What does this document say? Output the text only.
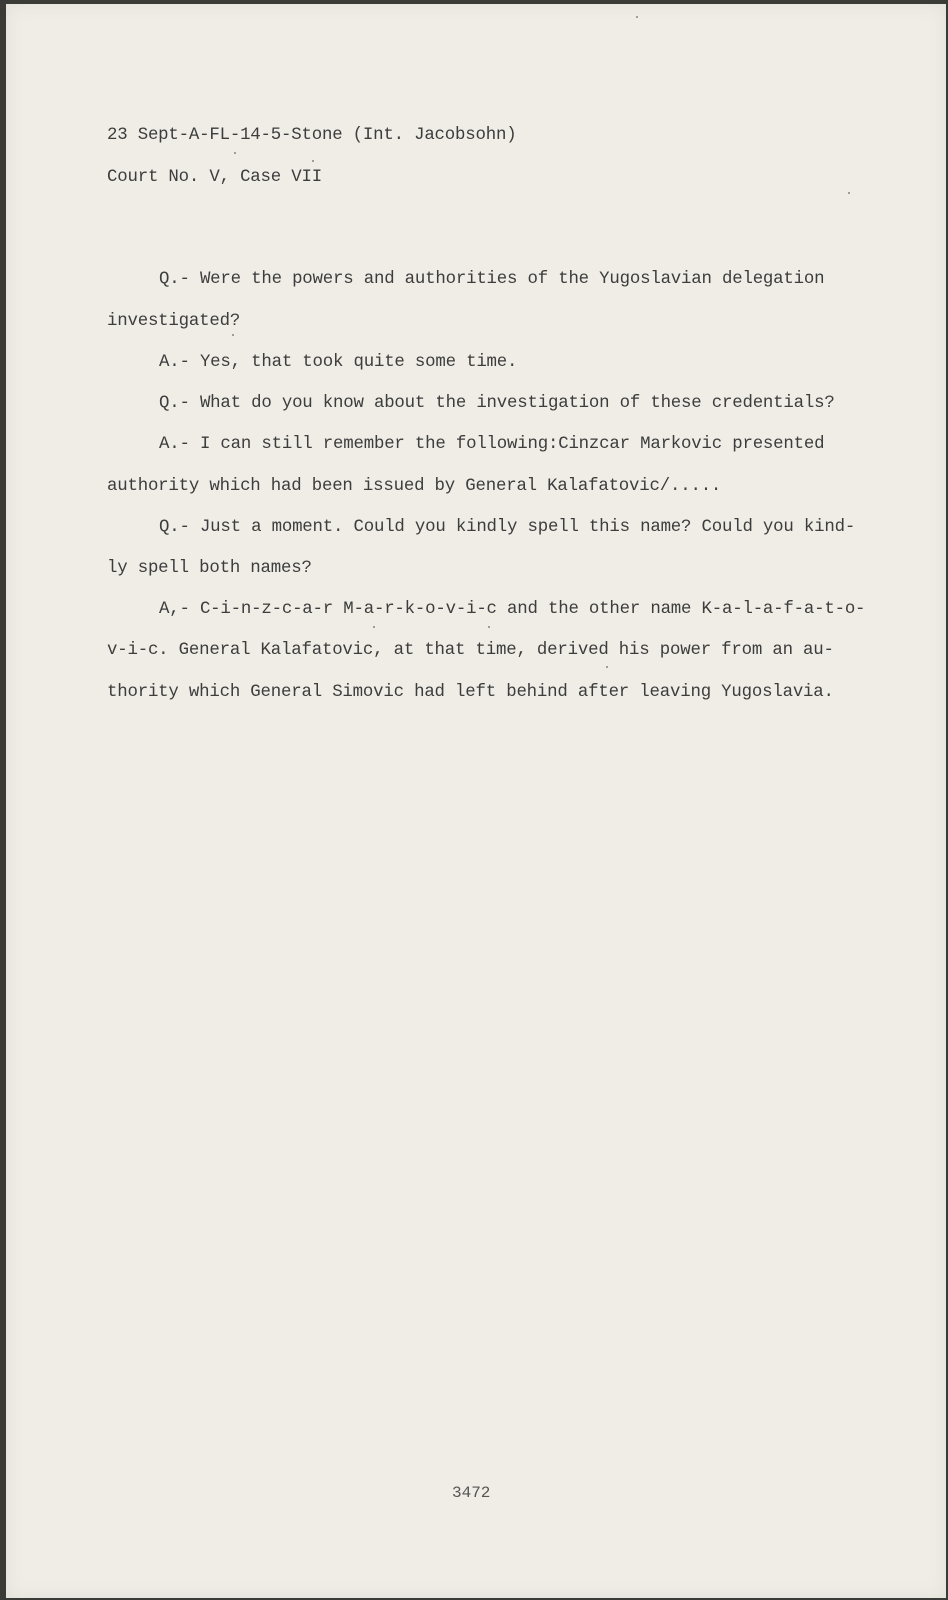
23 Sept-A-FL-14-5-Stone (Int. Jacobsohn)
Court No. V, Case VII
Q.- Were the powers and authorities of the Yugoslavian delegation
investigated?
A.- Yes, that took quite some time.
Q.- What do you know about the investigation of these credentials?
A.- I can still remember the following:Cinzcar Markovic presented
authority which had been issued by General Kalafatovic/.....
Q.- Just a moment. Could you kindly spell this name? Could you kind-
ly spell both names?
A,- C-i-n-z-c-a-r M-a-r-k-o-v-i-c and the other name K-a-l-a-f-a-t-o-
v-i-c. General Kalafatovic, at that time, derived his power from an au-
thority which General Simovic had left behind after leaving Yugoslavia.
3472
